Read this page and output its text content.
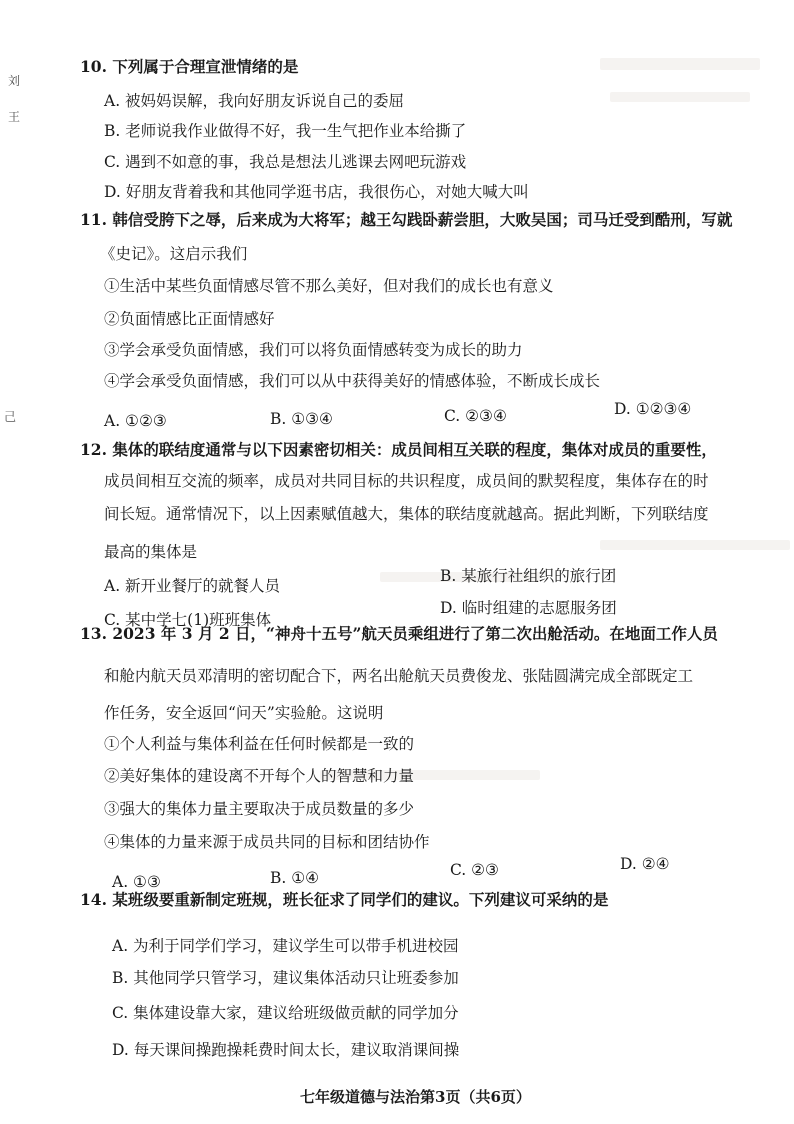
刘
王
己
10. 下列属于合理宣泄情绪的是
A. 被妈妈误解，我向好朋友诉说自己的委屈
B. 老师说我作业做得不好，我一生气把作业本给撕了
C. 遇到不如意的事，我总是想法儿逃课去网吧玩游戏
D. 好朋友背着我和其他同学逛书店，我很伤心，对她大喊大叫
11. 韩信受胯下之辱，后来成为大将军；越王勾践卧薪尝胆，大败吴国；司马迁受到酷刑，写就
《史记》。这启示我们
①生活中某些负面情感尽管不那么美好，但对我们的成长也有意义
②负面情感比正面情感好
③学会承受负面情感，我们可以将负面情感转变为成长的助力
④学会承受负面情感，我们可以从中获得美好的情感体验，不断成长成长
A. ①②③	B. ①③④	C. ②③④	D. ①②③④
12. 集体的联结度通常与以下因素密切相关：成员间相互关联的程度，集体对成员的重要性，
成员间相互交流的频率，成员对共同目标的共识程度，成员间的默契程度，集体存在的时
间长短。通常情况下，以上因素赋值越大，集体的联结度就越高。据此判断，下列联结度
最高的集体是
A. 新开业餐厅的就餐人员
B. 某旅行社组织的旅行团
C. 某中学七(1)班班集体
D. 临时组建的志愿服务团
13. 2023 年 3 月 2 日，“神舟十五号”航天员乘组进行了第二次出舱活动。在地面工作人员
和舱内航天员邓清明的密切配合下，两名出舱航天员费俊龙、张陆圆满完成全部既定工
作任务，安全返回“问天”实验舱。这说明
①个人利益与集体利益在任何时候都是一致的
②美好集体的建设离不开每个人的智慧和力量
③强大的集体力量主要取决于成员数量的多少
④集体的力量来源于成员共同的目标和团结协作
A. ①③	B. ①④	C. ②③	D. ②④
14. 某班级要重新制定班规，班长征求了同学们的建议。下列建议可采纳的是
A. 为利于同学们学习，建议学生可以带手机进校园
B. 其他同学只管学习，建议集体活动只让班委参加
C. 集体建设靠大家，建议给班级做贡献的同学加分
D. 每天课间操跑操耗费时间太长，建议取消课间操
七年级道德与法治第3页（共6页）
